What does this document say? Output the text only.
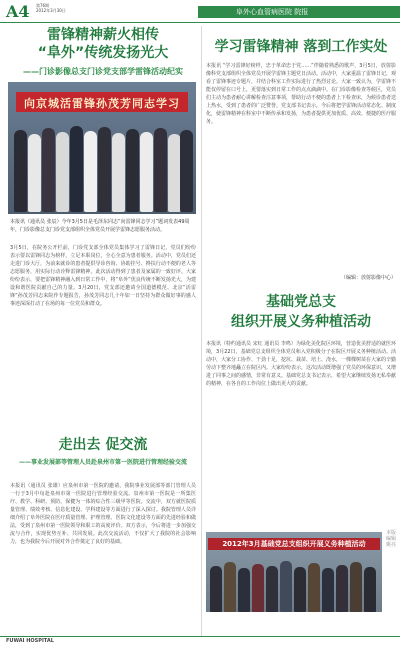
A4 第76期
2012年3月30日	阜外心血管病医院 院报
雷锋精神薪火相传
“阜外”传统发扬光大
——门诊影像总支门诊党支部学雷锋活动纪实
向京城活雷锋孙茂芳同志学习
本报讯（通讯员 张辰）今年3月5日是毛泽东同志“向雷锋同志学习”题词发表49周年，门诊影像总支门诊党支部组织全体党员开展学雷锋志愿服务活动。
3月5日，在院务公开栏前，门诊党支部全体党员集体学习了雷锋日记，党员们纷纷表示要以雷锋同志为榜样，立足本职岗位，全心全意为患者服务。活动中，党员们还走进门诊大厅，为前来就诊的患者提供导诊咨询、协助挂号、搀扶行动不便的老人等志愿服务，用实际行动诠释雷锋精神。此次活动得到了患者及家属的一致好评。大家纷纷表示，要把雷锋精神融入到日常工作中，将“阜外”优良传统不断发扬光大，为建设和谐医院贡献自己的力量。3月20日，党支部还邀请全国道德模范、北京“活雷锋”孙茂芳同志来院作专题报告，孙茂芳同志几十年如一日坚持为群众做好事的感人事迹深深打动了在场的每一位党员和群众。
学习雷锋精神 落到工作实处
本报讯 “学习雷锋好榜样，忠于革命忠于党……”伴随着熟悉的歌声，3月5日，放射影像科党支部组织全体党员开展学雷锋主题党日活动。活动中，大家重温了雷锋日记，观看了雷锋事迹专题片，并结合科室工作实际进行了热烈讨论。大家一致认为，学雷锋不能仅停留在口号上，更要落实到日常工作的点点滴滴中。在门诊影像检查等候区，党员们主动为患者耐心讲解检查注意事项，帮助行动不便的患者上下检查床，为候诊患者送上热水，受到了患者的广泛赞誉。党支部书记表示，今后将把学雷锋活动常态化、制度化，使雷锋精神在科室中不断传承和发扬，为患者提供更加优质、高效、便捷的医疗服务。
（编辑：放射影像中心）
走出去 促交流
——事业发展部等管理人员赴泉州市第一医院进行管理经验交流
本报讯（通讯员 张雄）应泉州市第一医院的邀请，我院事业发展部等部门管理人员一行于3月中旬赴泉州市第一医院进行管理经验交流。泉州市第一医院是一所集医疗、教学、科研、预防、保健为一体的综合性三级甲等医院。交流中，双方就医院质量管理、绩效考核、信息化建设、学科建设等方面进行了深入探讨。我院管理人员详细介绍了阜外医院在医疗质量管理、护理管理、医院文化建设等方面的先进经验和做法，受到了泉州市第一医院领导和职工的高度评价。双方表示，今后将进一步加强交流与合作，实现优势互补、共同发展。此次交流活动，不仅扩大了我院的社会影响力，也为我院今后开展对外合作奠定了良好的基础。
基础党总支
组织开展义务种植活动
本报讯（特约通讯员 宋红 通讯员 李鸣）为绿化美化院区环境，营造优美舒适的就医环境，3月22日，基础党总支组织全体党员和入党积极分子在院区开展义务种植活动。活动中，大家分工协作、干劲十足，挖坑、栽苗、培土、浇水，一棵棵树苗在大家的辛勤劳动下整齐地矗立在院区内。大家纷纷表示，这次活动既增强了党员的环保意识，又增进了同事之间的感情，非常有意义。基础党总支书记表示，希望大家继续发扬无私奉献的精神，在各自的工作岗位上做出更大的贡献。
2012年3月基础党总支组织开展义务种植活动
本版编辑 姚亮
FUWAI HOSPITAL
